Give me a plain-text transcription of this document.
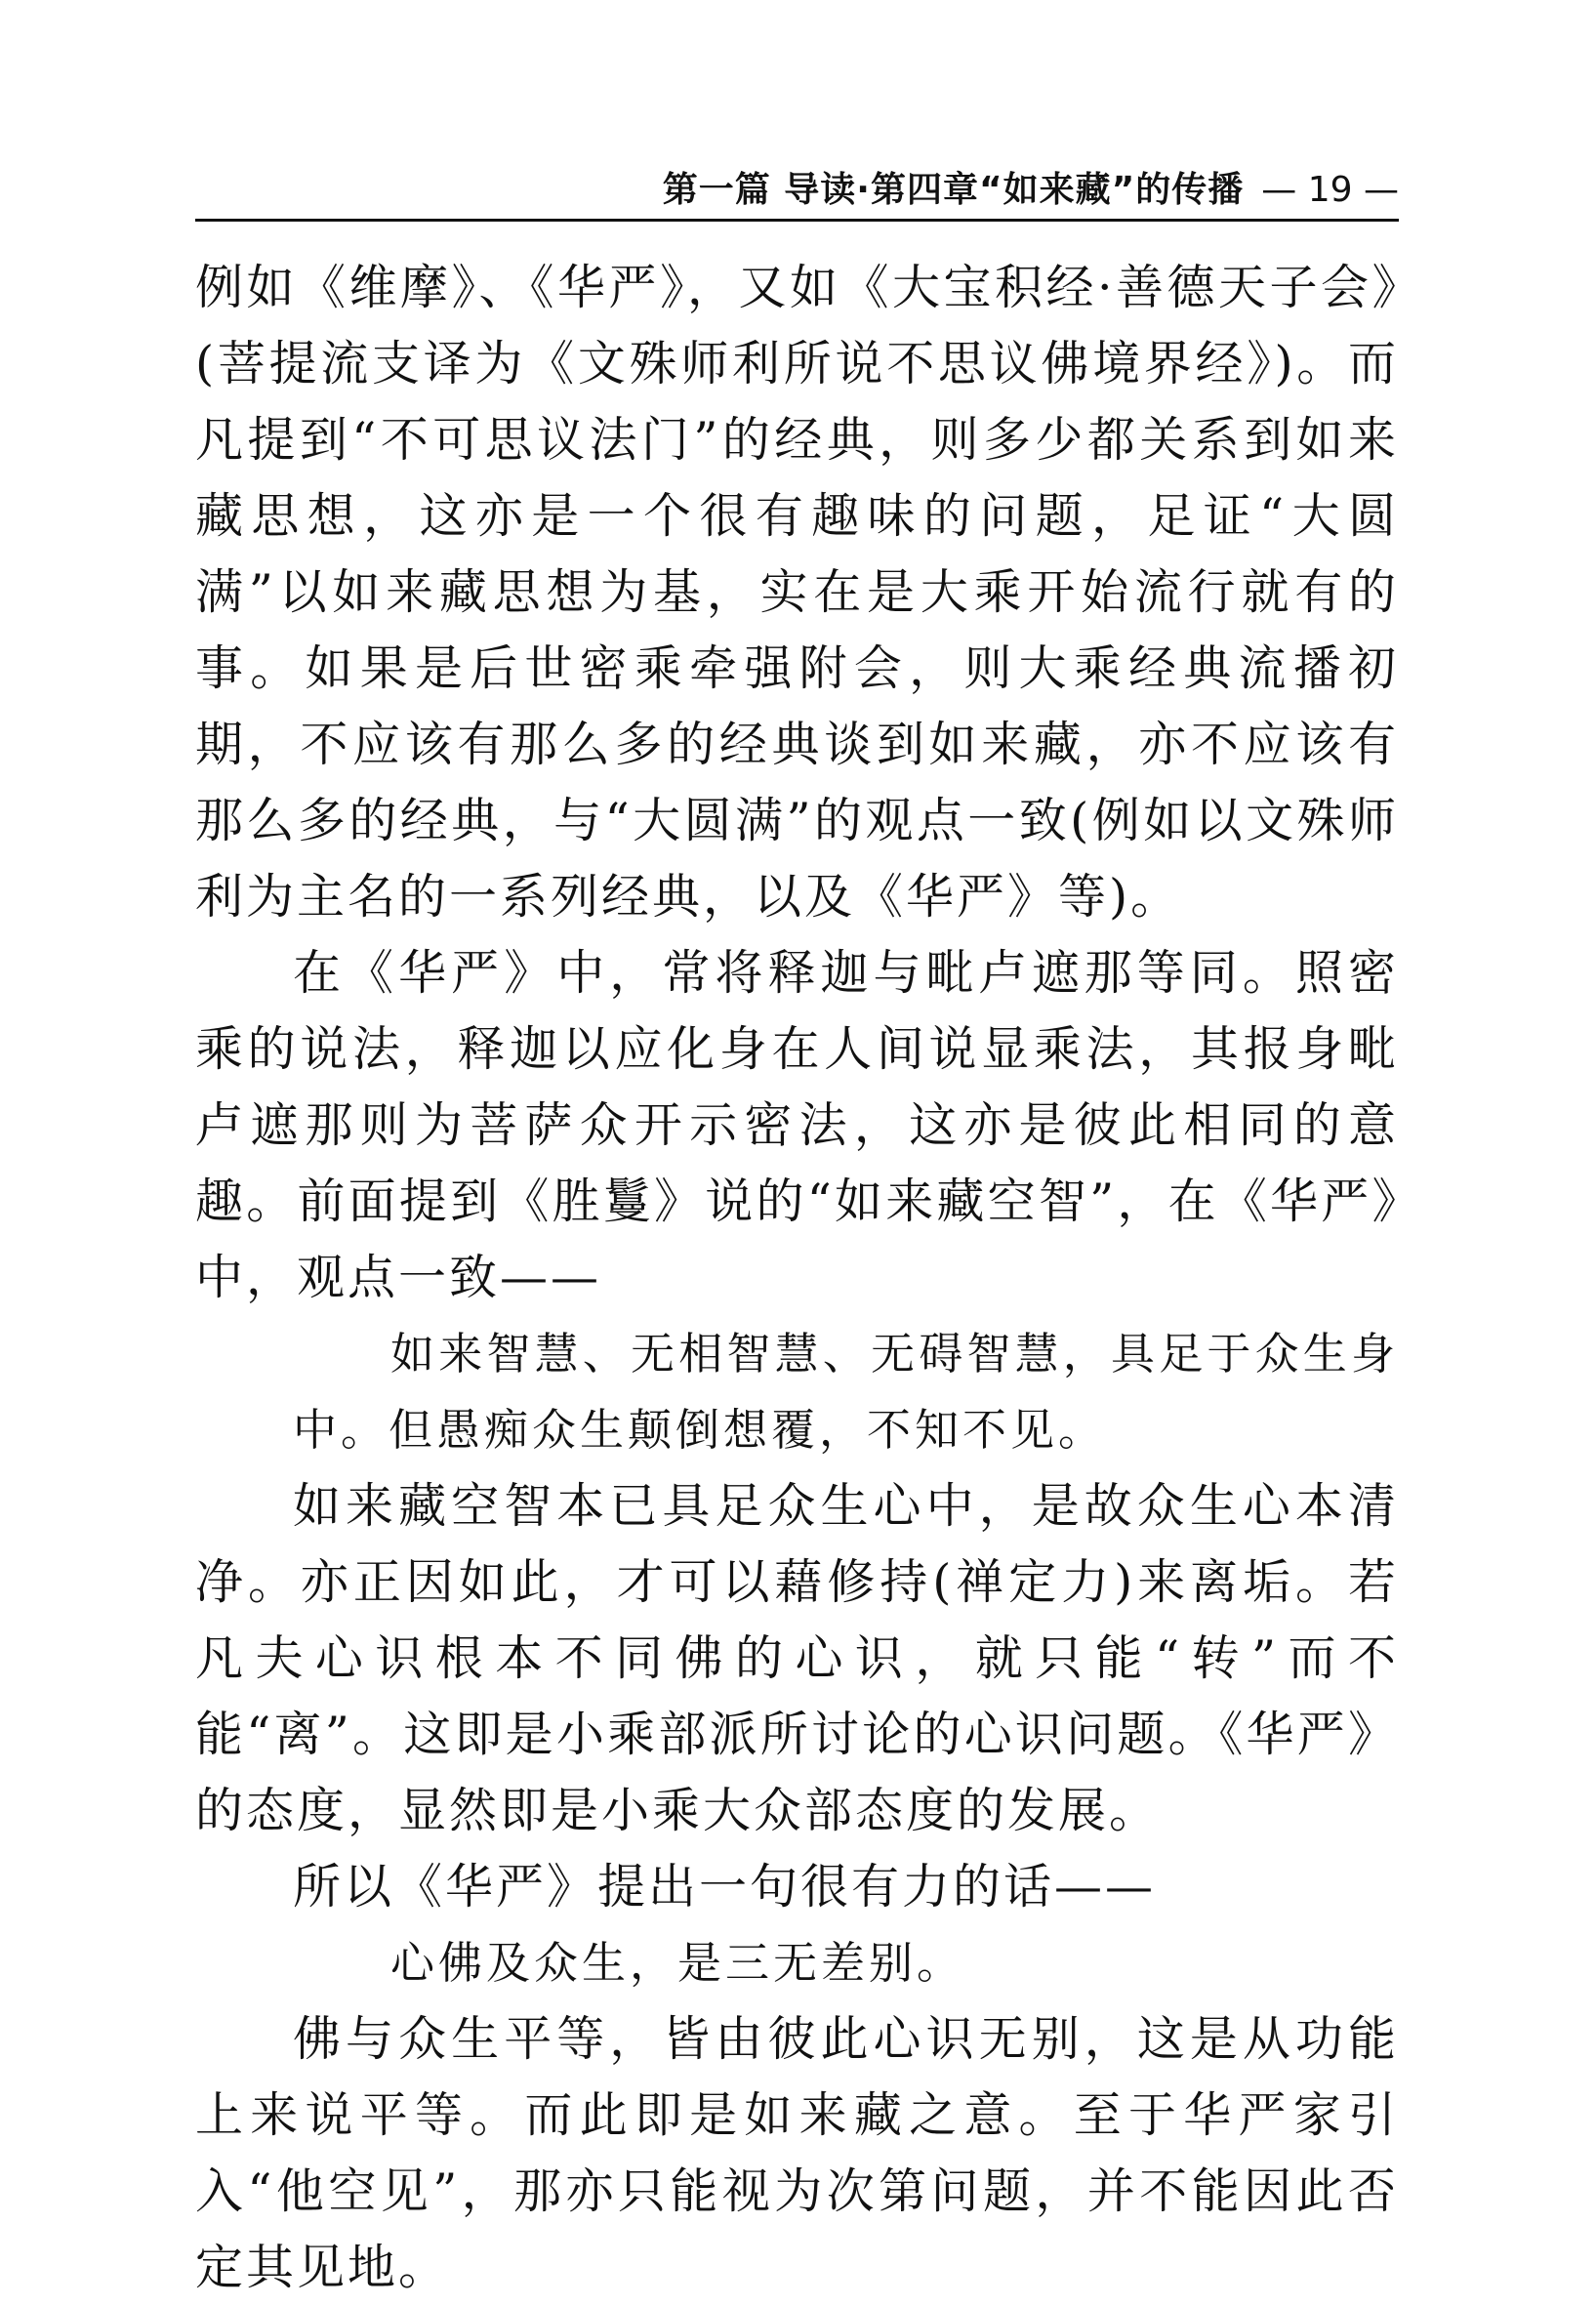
第一篇 导读·第四章“如来藏”的传播 — 19 —

例如《维摩》、《华严》，又如《大宝积经·善德天子会》(菩提流支译为《文殊师利所说不思议佛境界经》)。而凡提到“不可思议法门”的经典，则多少都关系到如来藏思想，这亦是一个很有趣味的问题，足证“大圆满”以如来藏思想为基，实在是大乘开始流行就有的事。如果是后世密乘牵强附会，则大乘经典流播初期，不应该有那么多的经典谈到如来藏，亦不应该有那么多的经典，与“大圆满”的观点一致(例如以文殊师利为主名的一系列经典，以及《华严》等)。

在《华严》中，常将释迦与毗卢遮那等同。照密乘的说法，释迦以应化身在人间说显乘法，其报身毗卢遮那则为菩萨众开示密法，这亦是彼此相同的意趣。前面提到《胜鬘》说的“如来藏空智”，在《华严》中，观点一致——

如来智慧、无相智慧、无碍智慧，具足于众生身中。但愚痴众生颠倒想覆，不知不见。

如来藏空智本已具足众生心中，是故众生心本清净。亦正因如此，才可以藉修持(禅定力)来离垢。若凡夫心识根本不同佛的心识，就只能“转”而不能“离”。这即是小乘部派所讨论的心识问题。《华严》的态度，显然即是小乘大众部态度的发展。

所以《华严》提出一句很有力的话——

心佛及众生，是三无差别。

佛与众生平等，皆由彼此心识无别，这是从功能上来说平等。而此即是如来藏之意。至于华严家引入“他空见”，那亦只能视为次第问题，并不能因此否定其见地。
